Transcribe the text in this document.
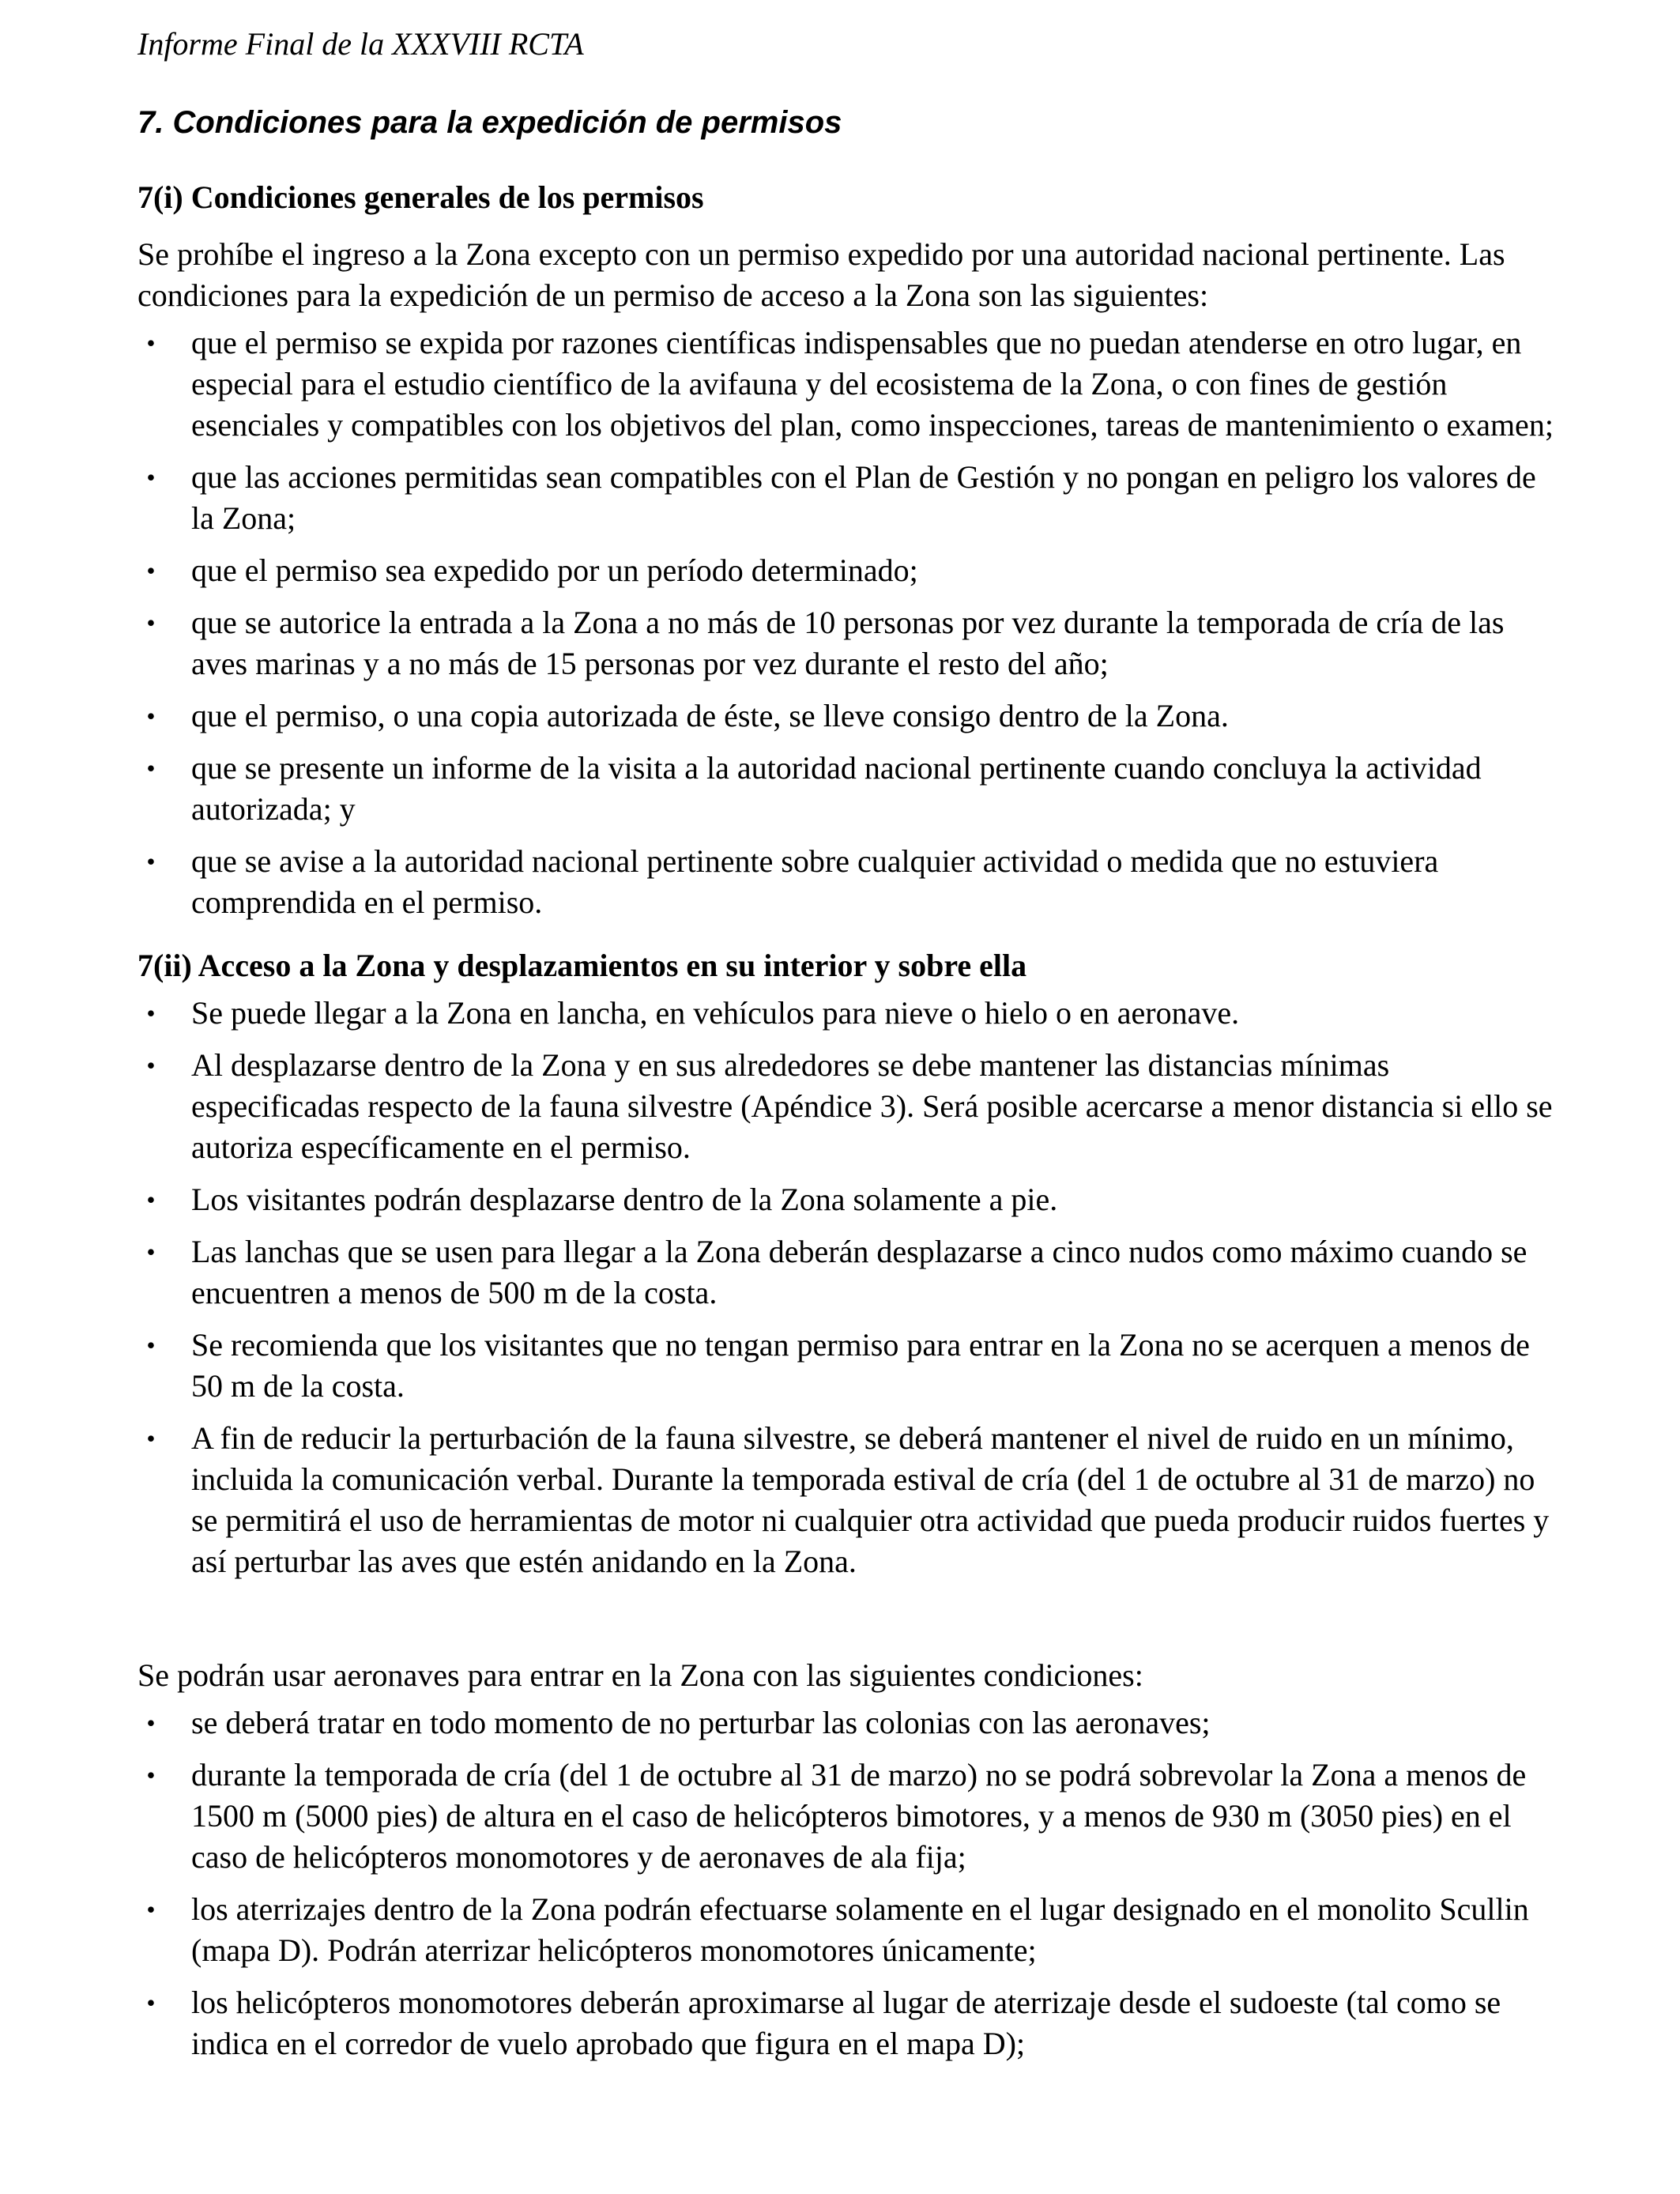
Informe Final de la XXXVIII RCTA
7. Condiciones para la expedición de permisos
7(i) Condiciones generales de los permisos

Se prohíbe el ingreso a la Zona excepto con un permiso expedido por una autoridad nacional pertinente. Las condiciones para la expedición de un permiso de acceso a la Zona son las siguientes:

• que el permiso se expida por razones científicas indispensables que no puedan atenderse en otro lugar, en especial para el estudio científico de la avifauna y del ecosistema de la Zona, o con fines de gestión esenciales y compatibles con los objetivos del plan, como inspecciones, tareas de mantenimiento o examen;
• que las acciones permitidas sean compatibles con el Plan de Gestión y no pongan en peligro los valores de la Zona;
• que el permiso sea expedido por un período determinado;
• que se autorice la entrada a la Zona a no más de 10 personas por vez durante la temporada de cría de las aves marinas y a no más de 15 personas por vez durante el resto del año;
• que el permiso, o una copia autorizada de éste, se lleve consigo dentro de la Zona.
• que se presente un informe de la visita a la autoridad nacional pertinente cuando concluya la actividad autorizada; y
• que se avise a la autoridad nacional pertinente sobre cualquier actividad o medida que no estuviera comprendida en el permiso.
7(ii) Acceso a la Zona y desplazamientos en su interior y sobre ella
• Se puede llegar a la Zona en lancha, en vehículos para nieve o hielo o en aeronave.
• Al desplazarse dentro de la Zona y en sus alrededores se debe mantener las distancias mínimas especificadas respecto de la fauna silvestre (Apéndice 3). Será posible acercarse a menor distancia si ello se autoriza específicamente en el permiso.
• Los visitantes podrán desplazarse dentro de la Zona solamente a pie.
• Las lanchas que se usen para llegar a la Zona deberán desplazarse a cinco nudos como máximo cuando se encuentren a menos de 500 m de la costa.
• Se recomienda que los visitantes que no tengan permiso para entrar en la Zona no se acerquen a menos de 50 m de la costa.
• A fin de reducir la perturbación de la fauna silvestre, se deberá mantener el nivel de ruido en un mínimo, incluida la comunicación verbal. Durante la temporada estival de cría (del 1 de octubre al 31 de marzo) no se permitirá el uso de herramientas de motor ni cualquier otra actividad que pueda producir ruidos fuertes y así perturbar las aves que estén anidando en la Zona.

Se podrán usar aeronaves para entrar en la Zona con las siguientes condiciones:

• se deberá tratar en todo momento de no perturbar las colonias con las aeronaves;
• durante la temporada de cría (del 1 de octubre al 31 de marzo) no se podrá sobrevolar la Zona a menos de 1500 m (5000 pies) de altura en el caso de helicópteros bimotores, y a menos de 930 m (3050 pies) en el caso de helicópteros monomotores y de aeronaves de ala fija;
• los aterrizajes dentro de la Zona podrán efectuarse solamente en el lugar designado en el monolito Scullin (mapa D). Podrán aterrizar helicópteros monomotores únicamente;
• los helicópteros monomotores deberán aproximarse al lugar de aterrizaje desde el sudoeste (tal como se indica en el corredor de vuelo aprobado que figura en el mapa D);
